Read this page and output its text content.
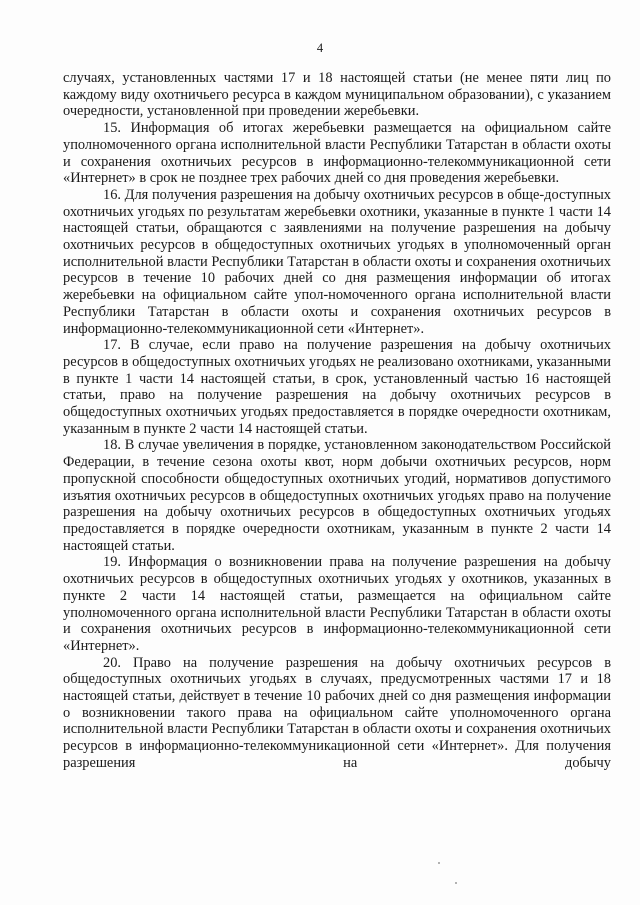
4

случаях, установленных частями 17 и 18 настоящей статьи (не менее пяти лиц по каждому виду охотничьего ресурса в каждом муниципальном образовании), с указанием очередности, установленной при проведении жеребьевки.

15. Информация об итогах жеребьевки размещается на официальном сайте уполномоченного органа исполнительной власти Республики Татарстан в области охоты и сохранения охотничьих ресурсов в информационно-телекоммуникационной сети «Интернет» в срок не позднее трех рабочих дней со дня проведения жеребьевки.

16. Для получения разрешения на добычу охотничьих ресурсов в обще-доступных охотничьих угодьях по результатам жеребьевки охотники, указанные в пункте 1 части 14 настоящей статьи, обращаются с заявлениями на получение разрешения на добычу охотничьих ресурсов в общедоступных охотничьих угодьях в уполномоченный орган исполнительной власти Республики Татарстан в области охоты и сохранения охотничьих ресурсов в течение 10 рабочих дней со дня размещения информации об итогах жеребьевки на официальном сайте упол-номоченного органа исполнительной власти Республики Татарстан в области охоты и сохранения охотничьих ресурсов в информационно-телекоммуникационной сети «Интернет».

17. В случае, если право на получение разрешения на добычу охотничьих ресурсов в общедоступных охотничьих угодьях не реализовано охотниками, указанными в пункте 1 части 14 настоящей статьи, в срок, установленный частью 16 настоящей статьи, право на получение разрешения на добычу охотничьих ресурсов в общедоступных охотничьих угодьях предоставляется в порядке очередности охотникам, указанным в пункте 2 части 14 настоящей статьи.

18. В случае увеличения в порядке, установленном законодательством Российской Федерации, в течение сезона охоты квот, норм добычи охотничьих ресурсов, норм пропускной способности общедоступных охотничьих угодий, нормативов допустимого изъятия охотничьих ресурсов в общедоступных охотничьих угодьях право на получение разрешения на добычу охотничьих ресурсов в общедоступных охотничьих угодьях предоставляется в порядке очередности охотникам, указанным в пункте 2 части 14 настоящей статьи.

19. Информация о возникновении права на получение разрешения на добычу охотничьих ресурсов в общедоступных охотничьих угодьях у охотников, указанных в пункте 2 части 14 настоящей статьи, размещается на официальном сайте уполномоченного органа исполнительной власти Республики Татарстан в области охоты и сохранения охотничьих ресурсов в информационно-телекоммуникационной сети «Интернет».

20. Право на получение разрешения на добычу охотничьих ресурсов в общедоступных охотничьих угодьях в случаях, предусмотренных частями 17 и 18 настоящей статьи, действует в течение 10 рабочих дней со дня размещения информации о возникновении такого права на официальном сайте уполномоченного органа исполнительной власти Республики Татарстан в области охоты и сохранения охотничьих ресурсов в информационно-телекоммуникационной сети «Интернет». Для получения разрешения на добычу
